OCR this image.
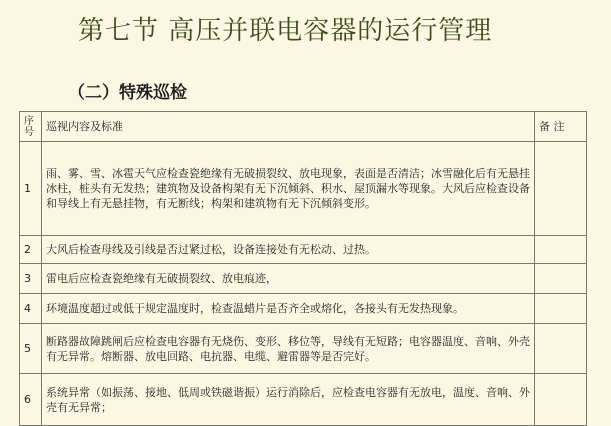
第七节 高压并联电容器的运行管理
（二）特殊巡检
序号	巡视内容及标准	备 注
1	雨、雾、雪、冰雹天气应检查瓷绝缘有无破损裂纹、放电现象，表面是否清洁；冰雪融化后有无悬挂冰柱，桩头有无发热；建筑物及设备构架有无下沉倾斜、积水、屋顶漏水等现象。大风后应检查设备和导线上有无悬挂物，有无断线；构架和建筑物有无下沉倾斜变形。	
2	大风后检查母线及引线是否过紧过松，设备连接处有无松动、过热。	
3	雷电后应检查瓷绝缘有无破损裂纹、放电痕迹，	
4	环境温度超过或低于规定温度时，检查温蜡片是否齐全或熔化，各接头有无发热现象。	
5	断路器故障跳闸后应检查电容器有无烧伤、变形、移位等，导线有无短路；电容器温度、音响、外壳有无异常。熔断器、放电回路、电抗器、电缆、避雷器等是否完好。	
6	系统异常（如振荡、接地、低周或铁磁谐振）运行消除后，应检查电容器有无放电，温度、音响、外壳有无异常；	
